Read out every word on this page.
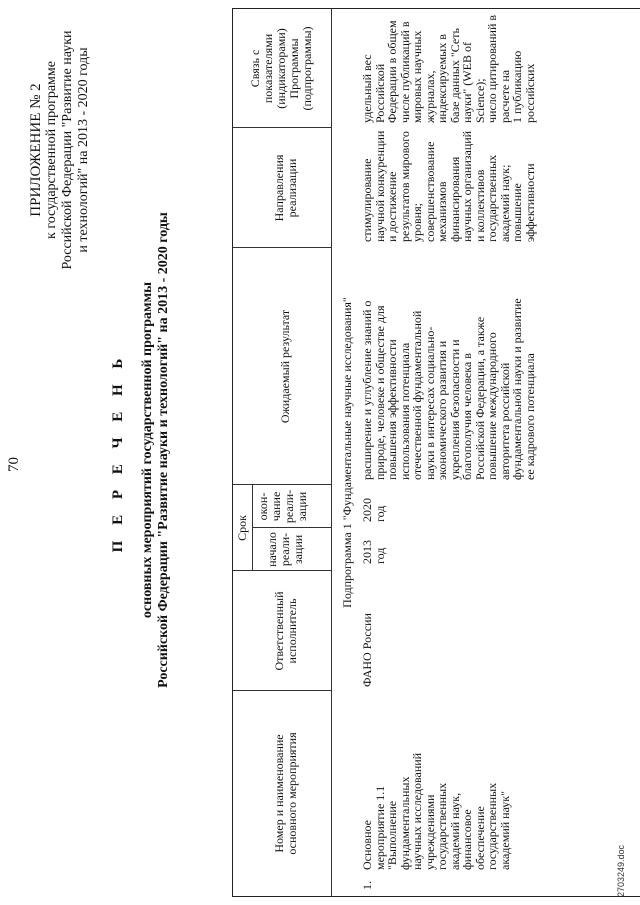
70
ПРИЛОЖЕНИЕ № 2
к государственной программе
Российской Федерации "Развитие науки
и технологий" на 2013 - 2020 годы
П Е Р Е Ч Е Н Ь основных мероприятий государственной программы Российской Федерации "Развитие науки и технологий" на 2013 - 2020 годы
Номер и наименование
основного мероприятия
Ответственный
исполнитель
Срок
начало
реали-
зации
окон-
чание
реали-
зации
Ожидаемый результат
Направления
реализации
Связь с
показателями
(индикаторами)
Программы
(подпрограммы)
Подпрограмма 1 "Фундаментальные научные исследования"
1.
Основное
мероприятие 1.1
"Выполнение
фундаментальных
научных исследований
учреждениями
государственных
академий наук,
финансовое
обеспечение
государственных
академий наук"
ФАНО России
2013
год
2020
год
расширение и углубление знаний о
природе, человеке и обществе для
повышения эффективности
использования потенциала
отечественной фундаментальной
науки в интересах социально-
экономического развития и
укрепления безопасности и
благополучия человека в
Российской Федерации, а также
повышение международного
авторитета российской
фундаментальной науки и развитие
ее кадрового потенциала
стимулирование
научной конкуренции
и достижение
результатов мирового
уровня;
совершенствование
механизмов
финансирования
научных организаций
и коллективов
государственных
академий наук;
повышение
эффективности
удельный вес
Российской
Федерации в общем
числе публикаций в
мировых научных
журналах,
индексируемых в
базе данных "Сеть
науки" (WEB of
Science);
число цитирований в
расчете на
1 публикацию
российских
2703249.doc
